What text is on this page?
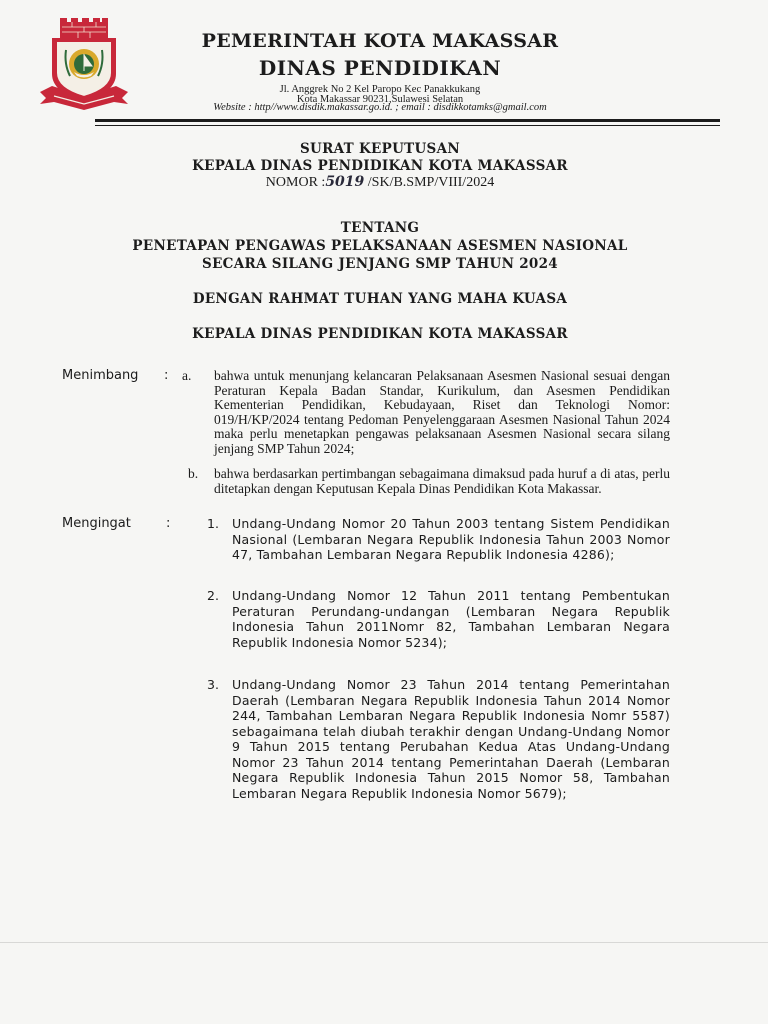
PEMERINTAH KOTA MAKASSAR
DINAS PENDIDIKAN
Jl. Anggrek No 2 Kel Paropo Kec Panakkukang
Kota Makassar 90231,Sulawesi Selatan
Website : http//www.disdik.makassar.go.id. ; email : disdikkotamks@gmail.com
SURAT KEPUTUSAN
KEPALA DINAS PENDIDIKAN KOTA MAKASSAR
NOMOR :5019 /SK/B.SMP/VIII/2024
TENTANG
PENETAPAN PENGAWAS PELAKSANAAN ASESMEN NASIONAL
SECARA SILANG JENJANG SMP TAHUN 2024
DENGAN RAHMAT TUHAN YANG MAHA KUASA
KEPALA DINAS PENDIDIKAN KOTA MAKASSAR
Menimbang : a. bahwa untuk menunjang kelancaran Pelaksanaan Asesmen Nasional sesuai dengan Peraturan Kepala Badan Standar, Kurikulum, dan Asesmen Pendidikan Kementerian Pendidikan, Kebudayaan, Riset dan Teknologi Nomor: 019/H/KP/2024 tentang Pedoman Penyelenggaraan Asesmen Nasional Tahun 2024 maka perlu menetapkan pengawas pelaksanaan Asesmen Nasional secara silang jenjang SMP Tahun 2024;
b. bahwa berdasarkan pertimbangan sebagaimana dimaksud pada huruf a di atas, perlu ditetapkan dengan Keputusan Kepala Dinas Pendidikan Kota Makassar.
Mengingat	:	1. Undang-Undang Nomor 20 Tahun 2003 tentang Sistem Pendidikan Nasional (Lembaran Negara Republik Indonesia Tahun 2003 Nomor 47, Tambahan Lembaran Negara Republik Indonesia 4286);
2. Undang-Undang Nomor 12 Tahun 2011 tentang Pembentukan Peraturan Perundang-undangan (Lembaran Negara Republik Indonesia Tahun 2011Nomr 82, Tambahan Lembaran Negara Republik Indonesia Nomor 5234);
3. Undang-Undang Nomor 23 Tahun 2014 tentang Pemerintahan Daerah (Lembaran Negara Republik Indonesia Tahun 2014 Nomor 244, Tambahan Lembaran Negara Republik Indonesia Nomr 5587) sebagaimana telah diubah terakhir dengan Undang-Undang Nomor 9 Tahun 2015 tentang Perubahan Kedua Atas Undang-Undang Nomor 23 Tahun 2014 tentang Pemerintahan Daerah (Lembaran Negara Republik Indonesia Tahun 2015 Nomor 58, Tambahan Lembaran Negara Republik Indonesia Nomor 5679);
